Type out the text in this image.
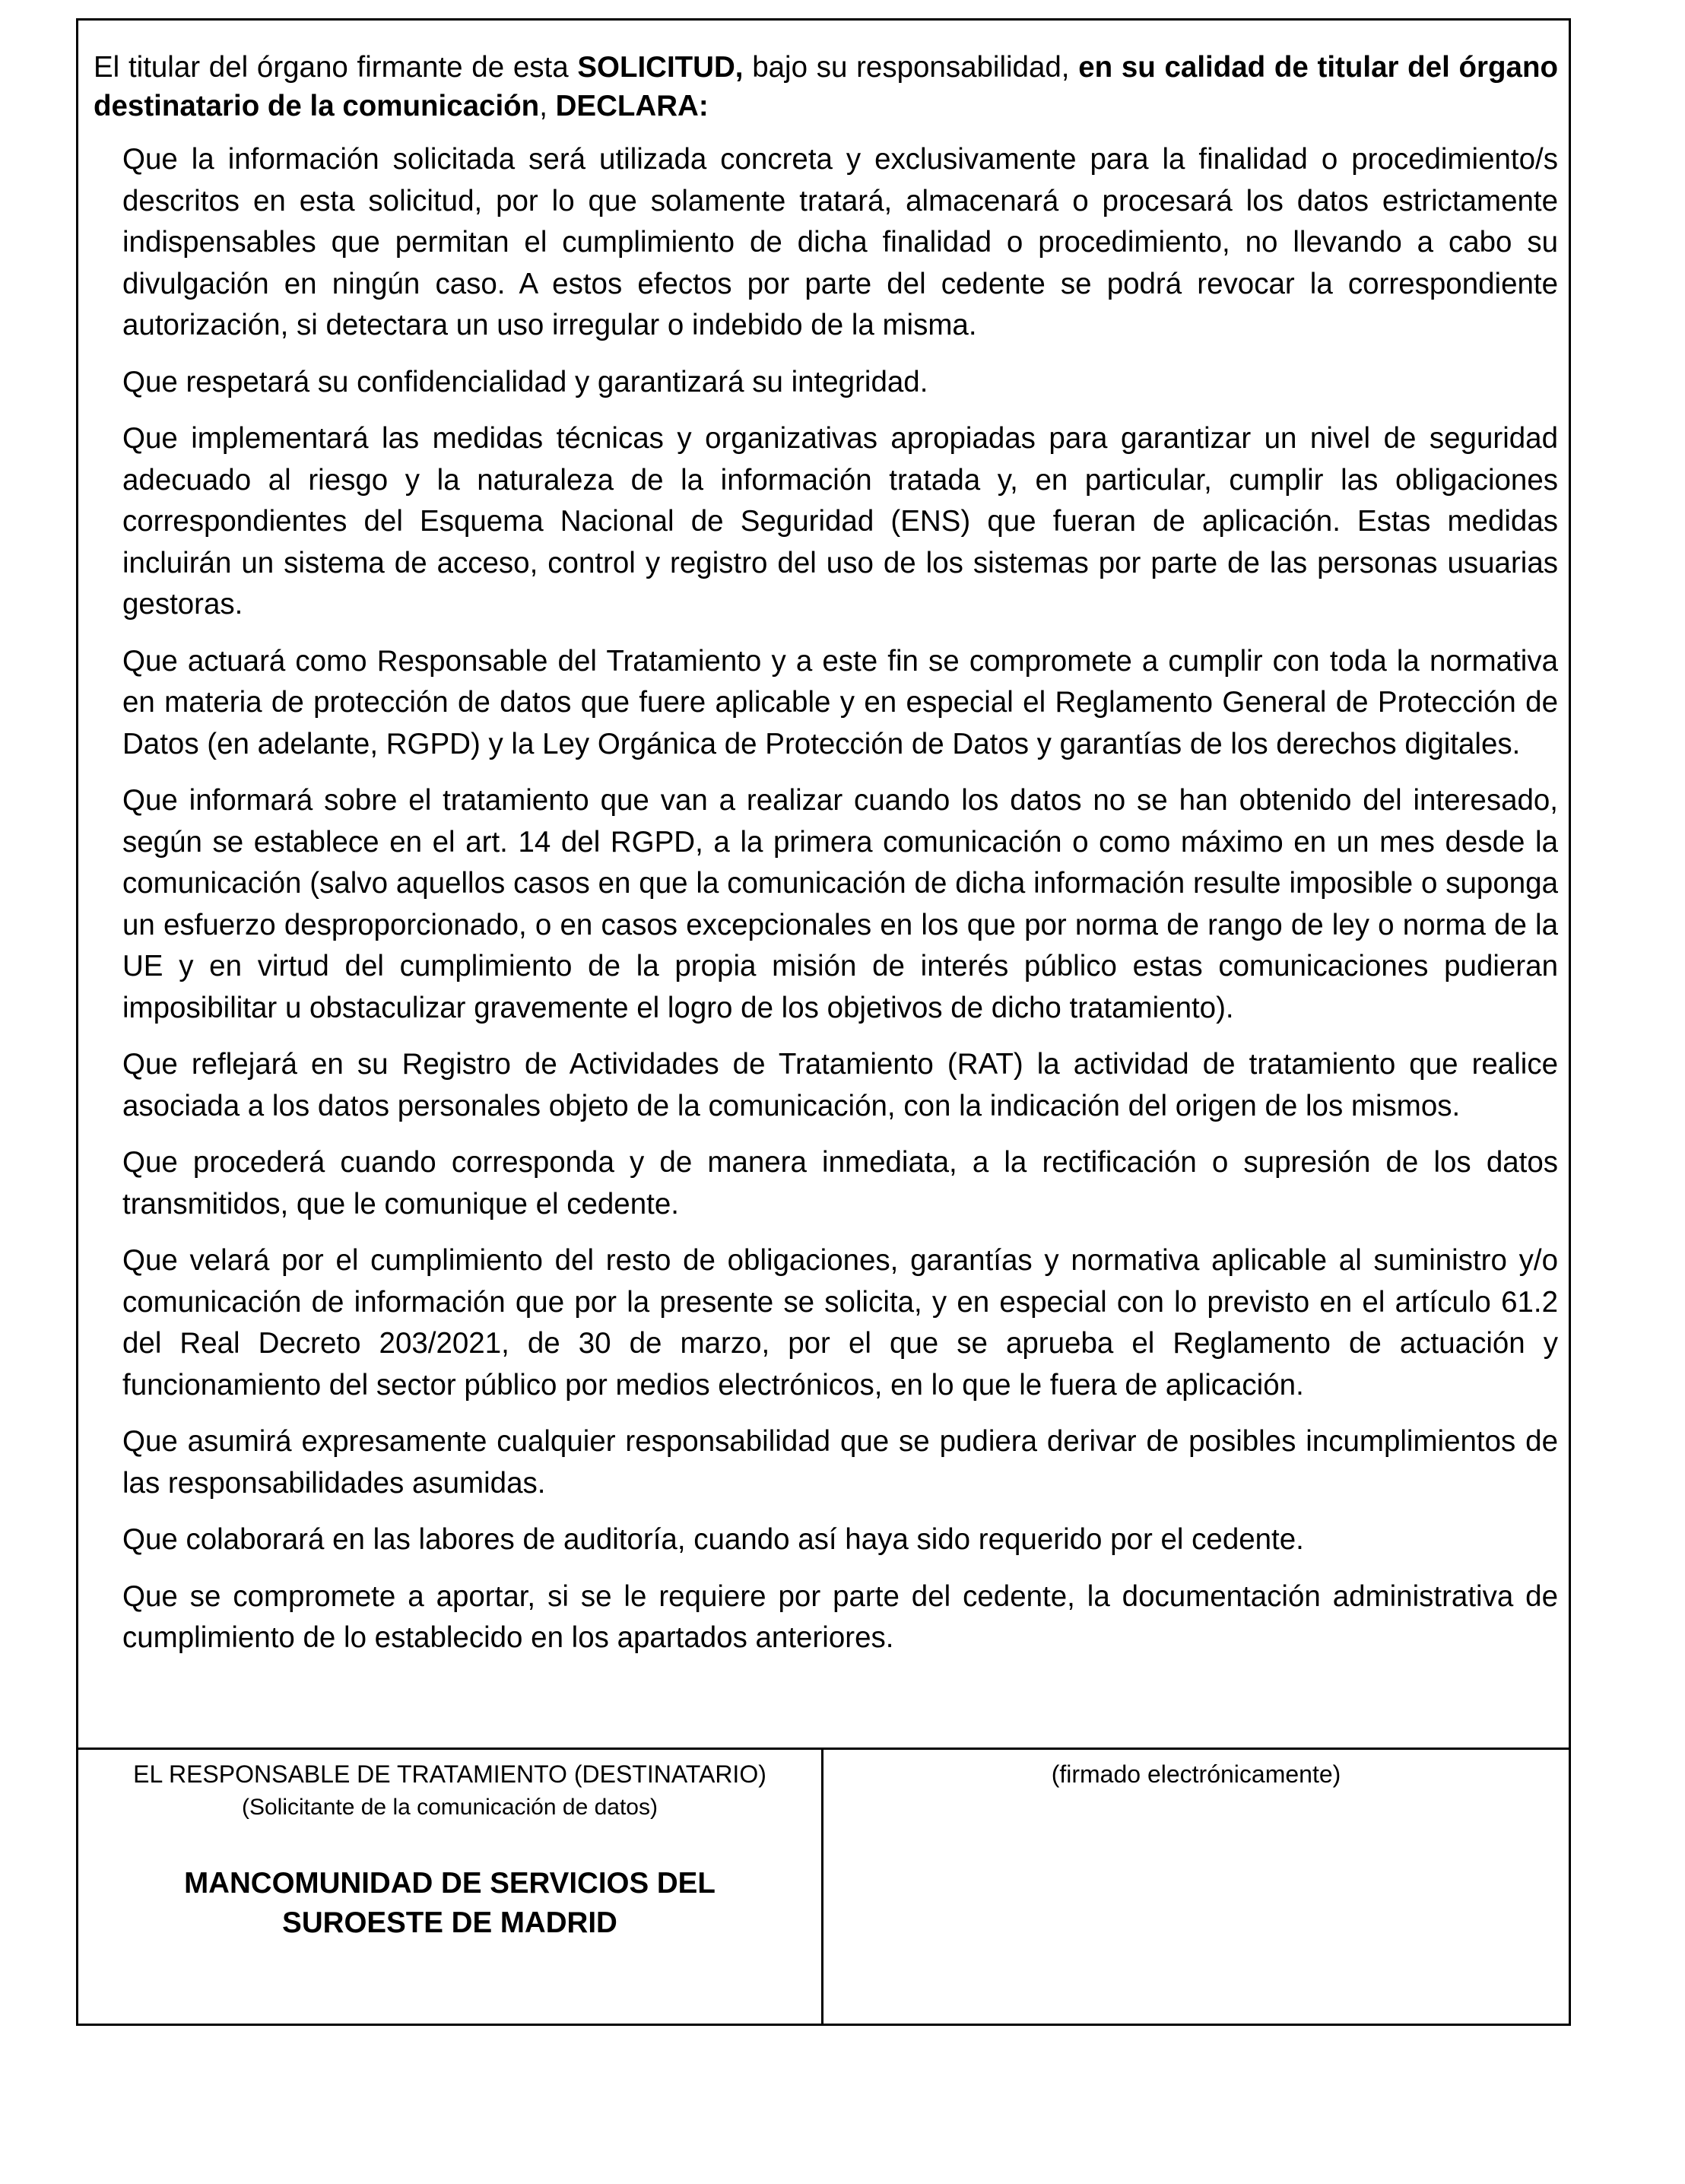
El titular del órgano firmante de esta SOLICITUD, bajo su responsabilidad, en su calidad de titular del órgano destinatario de la comunicación, DECLARA:

Que la información solicitada será utilizada concreta y exclusivamente para la finalidad o procedimiento/s descritos en esta solicitud, por lo que solamente tratará, almacenará o procesará los datos estrictamente indispensables que permitan el cumplimiento de dicha finalidad o procedimiento, no llevando a cabo su divulgación en ningún caso. A estos efectos por parte del cedente se podrá revocar la correspondiente autorización, si detectara un uso irregular o indebido de la misma.
Que respetará su confidencialidad y garantizará su integridad.
Que implementará las medidas técnicas y organizativas apropiadas para garantizar un nivel de seguridad adecuado al riesgo y la naturaleza de la información tratada y, en particular, cumplir las obligaciones correspondientes del Esquema Nacional de Seguridad (ENS) que fueran de aplicación. Estas medidas incluirán un sistema de acceso, control y registro del uso de los sistemas por parte de las personas usuarias gestoras.
Que actuará como Responsable del Tratamiento y a este fin se compromete a cumplir con toda la normativa en materia de protección de datos que fuere aplicable y en especial el Reglamento General de Protección de Datos (en adelante, RGPD) y la Ley Orgánica de Protección de Datos y garantías de los derechos digitales.
Que informará sobre el tratamiento que van a realizar cuando los datos no se han obtenido del interesado, según se establece en el art. 14 del RGPD, a la primera comunicación o como máximo en un mes desde la comunicación (salvo aquellos casos en que la comunicación de dicha información resulte imposible o suponga un esfuerzo desproporcionado, o en casos excepcionales en los que por norma de rango de ley o norma de la UE y en virtud del cumplimiento de la propia misión de interés público estas comunicaciones pudieran imposibilitar u obstaculizar gravemente el logro de los objetivos de dicho tratamiento).
Que reflejará en su Registro de Actividades de Tratamiento (RAT) la actividad de tratamiento que realice asociada a los datos personales objeto de la comunicación, con la indicación del origen de los mismos.
Que procederá cuando corresponda y de manera inmediata, a la rectificación o supresión de los datos transmitidos, que le comunique el cedente.
Que velará por el cumplimiento del resto de obligaciones, garantías y normativa aplicable al suministro y/o comunicación de información que por la presente se solicita, y en especial con lo previsto en el artículo 61.2 del Real Decreto 203/2021, de 30 de marzo, por el que se aprueba el Reglamento de actuación y funcionamiento del sector público por medios electrónicos, en lo que le fuera de aplicación.
Que asumirá expresamente cualquier responsabilidad que se pudiera derivar de posibles incumplimientos de las responsabilidades asumidas.
Que colaborará en las labores de auditoría, cuando así haya sido requerido por el cedente.
Que se compromete a aportar, si se le requiere por parte del cedente, la documentación administrativa de cumplimiento de lo establecido en los apartados anteriores.

EL RESPONSABLE DE TRATAMIENTO (DESTINATARIO)

(Solicitante de la comunicación de datos)

MANCOMUNIDAD DE SERVICIOS DEL SUROESTE DE MADRID

(firmado electrónicamente)
